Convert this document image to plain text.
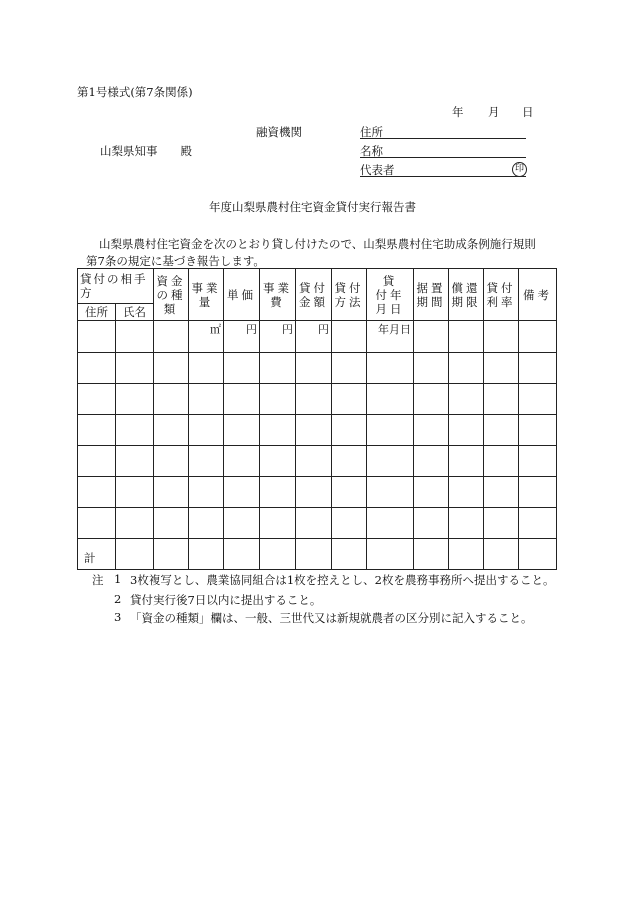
第1号様式(第7条関係)
年 月 日
融資機関	住所
山梨県知事　　殿	名称
代表者	印
年度山梨県農村住宅資金貸付実行報告書
山梨県農村住宅資金を次のとおり貸し付けたので、山梨県農村住宅助成条例施行規則
第7条の規定に基づき報告します。
貸付の相手方		資金の種類	事業量	単価	事業費	貸付金額	貸付方法	貸　付年月日	据置期間	償還期限	貸付利率	備考
住所	氏名											

			㎡	円	円	円		年月日				

計												
注 1 3枚複写とし、農業協同組合は1枚を控えとし、2枚を農務事務所へ提出すること。
2 貸付実行後7日以内に提出すること。
3 「資金の種類」欄は、一般、三世代又は新規就農者の区分別に記入すること。
